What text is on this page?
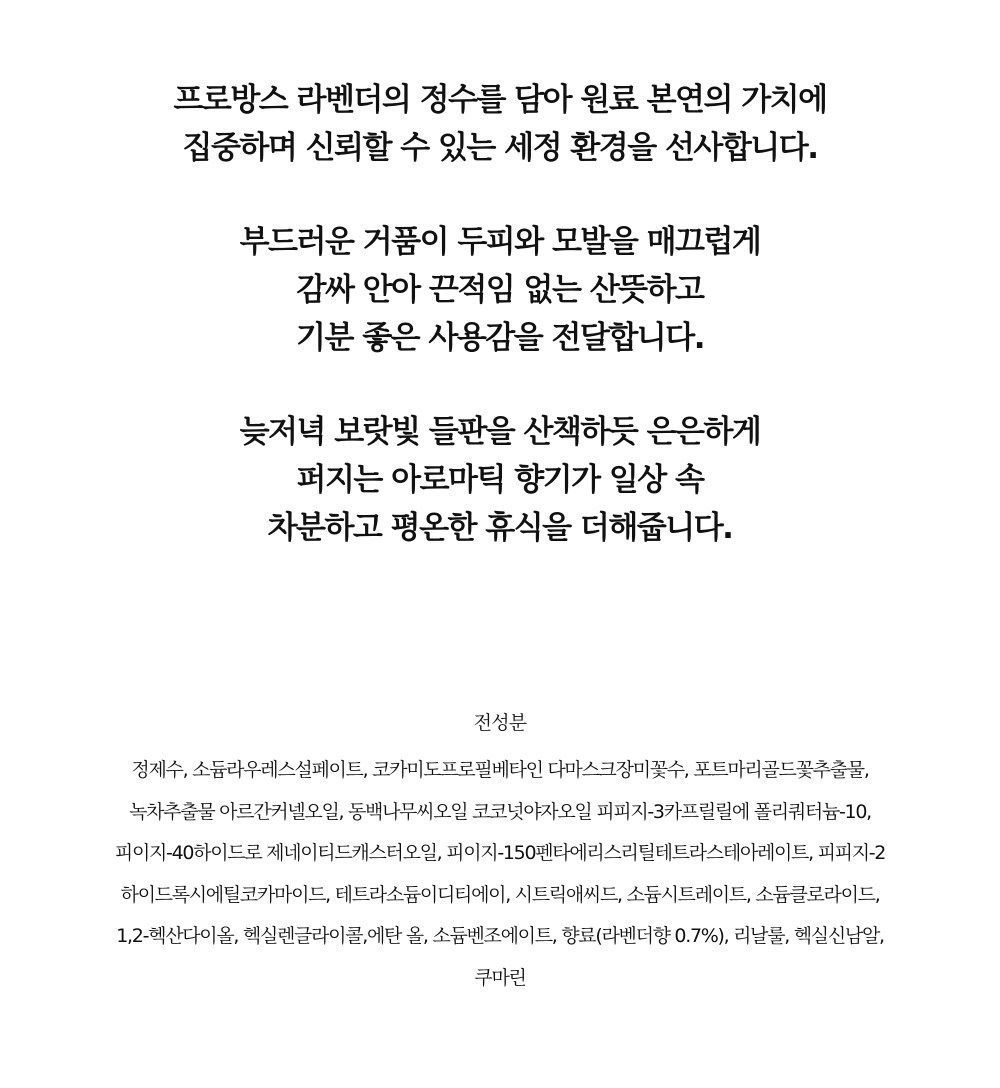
프로방스 라벤더의 정수를 담아 원료 본연의 가치에
집중하며 신뢰할 수 있는 세정 환경을 선사합니다.
부드러운 거품이 두피와 모발을 매끄럽게
감싸 안아 끈적임 없는 산뜻하고
기분 좋은 사용감을 전달합니다.
늦저녁 보랏빛 들판을 산책하듯 은은하게
퍼지는 아로마틱 향기가 일상 속
차분하고 평온한 휴식을 더해줍니다.
전성분
정제수, 소듐라우레스설페이트, 코카미도프로필베타인 다마스크장미꽃수, 포트마리골드꽃추출물,
녹차추출물 아르간커넬오일, 동백나무씨오일 코코넛야자오일 피피지-3카프릴릴에 폴리쿼터늄-10,
피이지-40하이드로 제네이티드캐스터오일, 피이지-150펜타에리스리틸테트라스테아레이트, 피피지-2
하이드록시에틸코카마이드, 테트라소듐이디티에이, 시트릭애씨드, 소듐시트레이트, 소듐클로라이드,
1,2-헥산다이올, 헥실렌글라이콜,에탄 올, 소듐벤조에이트, 향료(라벤더향 0.7%), 리날룰, 헥실신남알,
쿠마린
